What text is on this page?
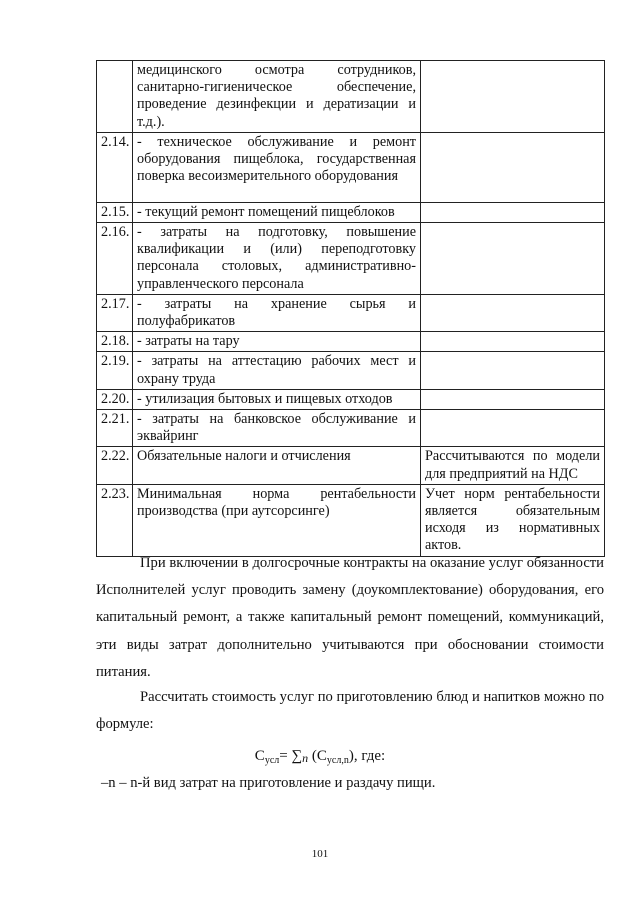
	медицинского осмотра сотрудников, санитарно-гигиеническое обеспечение, проведение дезинфекции и дератизации и т.д.).	
2.14.	- техническое обслуживание и ремонт оборудования пищеблока, государственная поверка весоизмерительного оборудования	
2.15.	- текущий ремонт помещений пищеблоков	
2.16.	- затраты на подготовку, повышение квалификации и (или) переподготовку персонала столовых, административно-управленческого персонала	
2.17.	- затраты на хранение сырья и полуфабрикатов	
2.18.	- затраты на тару	
2.19.	- затраты на аттестацию рабочих мест и охрану труда	
2.20.	- утилизация бытовых и пищевых отходов	
2.21.	- затраты на банковское обслуживание и эквайринг	
2.22.	Обязательные налоги и отчисления	Рассчитываются по модели для предприятий на НДС
2.23.	Минимальная норма рентабельности производства (при аутсорсинге)	Учет норм рентабельности является обязательным исходя из нормативных актов.

При включении в долгосрочные контракты на оказание услуг обязанности Исполнителей услуг проводить замену (доукомплектование) оборудования, его капитальный ремонт, а также капитальный ремонт помещений, коммуникаций, эти виды затрат дополнительно учитываются при обосновании стоимости питания.

Рассчитать стоимость услуг по приготовлению блюд и напитков можно по формуле:

$С_{усл}= \sum n$ $(С_{усл,n})$, где:
–n – n-й вид затрат на приготовление и раздачу пищи.
101
